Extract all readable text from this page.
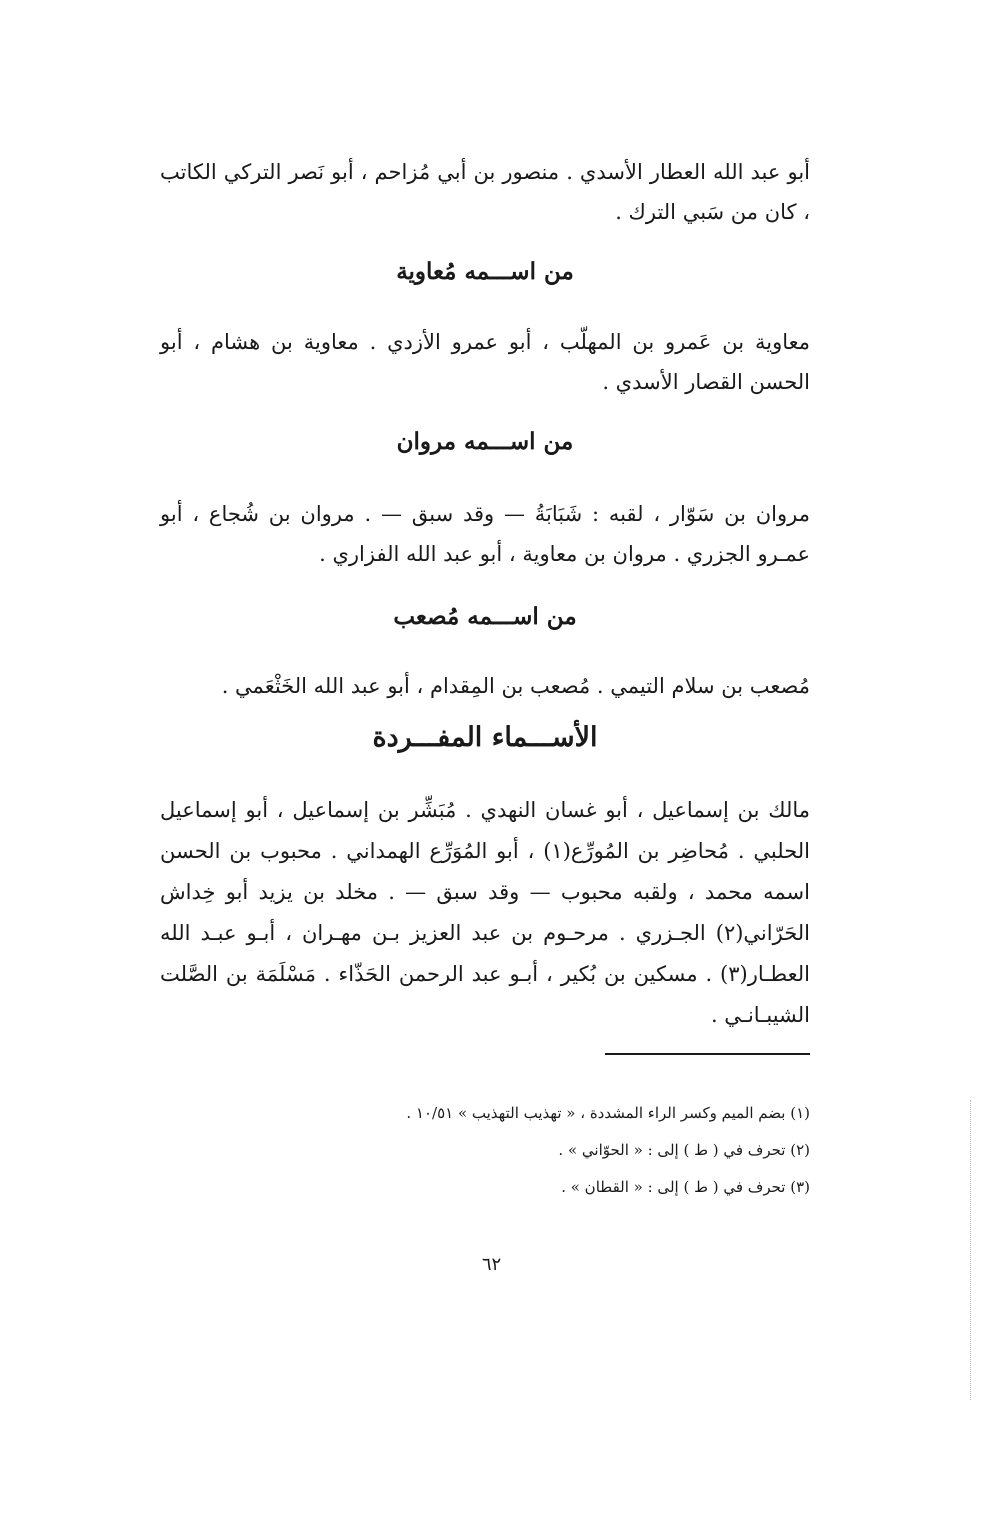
أبو عبد الله العطار الأسدي . منصور بن أبي مُزاحم ، أبو نَصر التركي الكاتب ، كان من سَبي الترك .

من اســـمه مُعاوية

معاوية بن عَمرو بن المهلّب ، أبو عمرو الأزدي . معاوية بن هشام ، أبو الحسن القصار الأسدي .

من اســـمه مروان

مروان بن سَوّار ، لقبه : شَبَابَةُ — وقد سبق — . مروان بن شُجاع ، أبو عمـرو الجزري . مروان بن معاوية ، أبو عبد الله الفزاري .

من اســـمه مُصعب

مُصعب بن سلام التيمي . مُصعب بن المِقدام ، أبو عبد الله الخَثْعَمي .

الأســـماء المفـــردة

مالك بن إسماعيل ، أبو غسان النهدي . مُبَشِّر بن إسماعيل ، أبو إسماعيل الحلبي . مُحاضِر بن المُورِّع(١) ، أبو المُوَرِّع الهمداني . محبوب بن الحسن اسمه محمد ، ولقبه محبوب — وقد سبق — . مخلد بن يزيد أبو خِداش الحَرّاني(٢) الجـزري . مرحـوم بن عبد العزيز بـن مهـران ، أبـو عبـد الله العطـار(٣) . مسكين بن بُكير ، أبـو عبد الرحمن الحَذّاء . مَسْلَمَة بن الصَّلت الشيبـانـي .

(١) بضم الميم وكسر الراء المشددة ، « تهذيب التهذيب » ١٠/٥١ .

(٢) تحرف في ( ط ) إلى : « الحوّاني » .

(٣) تحرف في ( ط ) إلى : « القطان » .

٦٢
